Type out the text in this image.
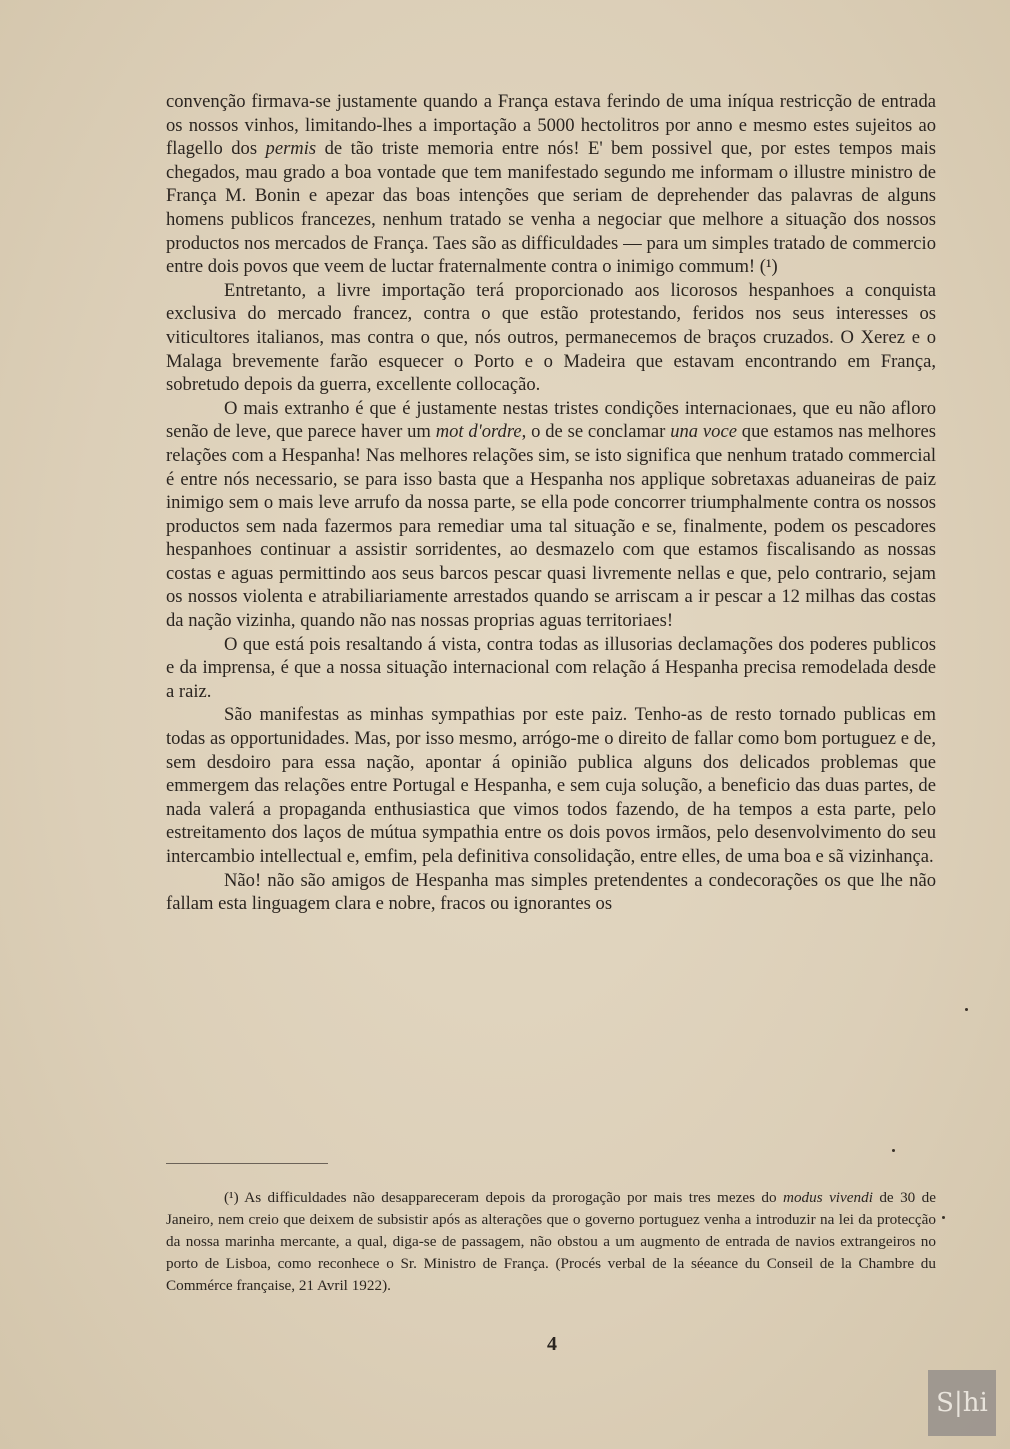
convenção firmava-se justamente quando a França estava ferindo de uma iníqua restricção de entrada os nossos vinhos, limitando-lhes a importação a 5000 hectolitros por anno e mesmo estes sujeitos ao flagello dos permis de tão triste memoria entre nós! E' bem possivel que, por estes tempos mais chegados, mau grado a boa vontade que tem manifestado segundo me informam o illustre ministro de França M. Bonin e apezar das boas intenções que seriam de deprehender das palavras de alguns homens publicos francezes, nenhum tratado se venha a negociar que melhore a situação dos nossos productos nos mercados de França. Taes são as difficuldades — para um simples tratado de commercio entre dois povos que veem de luctar fraternalmente contra o inimigo commum! (¹)

Entretanto, a livre importação terá proporcionado aos licorosos hespanhoes a conquista exclusiva do mercado francez, contra o que estão protestando, feridos nos seus interesses os viticultores italianos, mas contra o que, nós outros, permanecemos de braços cruzados. O Xerez e o Malaga brevemente farão esquecer o Porto e o Madeira que estavam encontrando em França, sobretudo depois da guerra, excellente collocação.

O mais extranho é que é justamente nestas tristes condições internacionaes, que eu não afloro senão de leve, que parece haver um mot d'ordre, o de se conclamar una voce que estamos nas melhores relações com a Hespanha! Nas melhores relações sim, se isto significa que nenhum tratado commercial é entre nós necessario, se para isso basta que a Hespanha nos applique sobretaxas aduaneiras de paiz inimigo sem o mais leve arrufo da nossa parte, se ella pode concorrer triumphalmente contra os nossos productos sem nada fazermos para remediar uma tal situação e se, finalmente, podem os pescadores hespanhoes continuar a assistir sorridentes, ao desmazelo com que estamos fiscalisando as nossas costas e aguas permittindo aos seus barcos pescar quasi livremente nellas e que, pelo contrario, sejam os nossos violenta e atrabiliariamente arrestados quando se arriscam a ir pescar a 12 milhas das costas da nação vizinha, quando não nas nossas proprias aguas territoriaes!

O que está pois resaltando á vista, contra todas as illusorias declamações dos poderes publicos e da imprensa, é que a nossa situação internacional com relação á Hespanha precisa remodelada desde a raiz.

São manifestas as minhas sympathias por este paiz. Tenho-as de resto tornado publicas em todas as opportunidades. Mas, por isso mesmo, arrógo-me o direito de fallar como bom portuguez e de, sem desdoiro para essa nação, apontar á opinião publica alguns dos delicados problemas que emmergem das relações entre Portugal e Hespanha, e sem cuja solução, a beneficio das duas partes, de nada valerá a propaganda enthusiastica que vimos todos fazendo, de ha tempos a esta parte, pelo estreitamento dos laços de mútua sympathia entre os dois povos irmãos, pelo desenvolvimento do seu intercambio intellectual e, emfim, pela definitiva consolidação, entre elles, de uma boa e sã vizinhança.

Não! não são amigos de Hespanha mas simples pretendentes a condecorações os que lhe não fallam esta linguagem clara e nobre, fracos ou ignorantes os

(¹) As difficuldades não desappareceram depois da prorogação por mais tres mezes do modus vivendi de 30 de Janeiro, nem creio que deixem de subsistir após as alterações que o governo portuguez venha a introduzir na lei da protecção da nossa marinha mercante, a qual, diga-se de passagem, não obstou a um augmento de entrada de navios extrangeiros no porto de Lisboa, como reconhece o Sr. Ministro de França. (Procés verbal de la séeance du Conseil de la Chambre du Commérce française, 21 Avril 1922).

4
S|hi
